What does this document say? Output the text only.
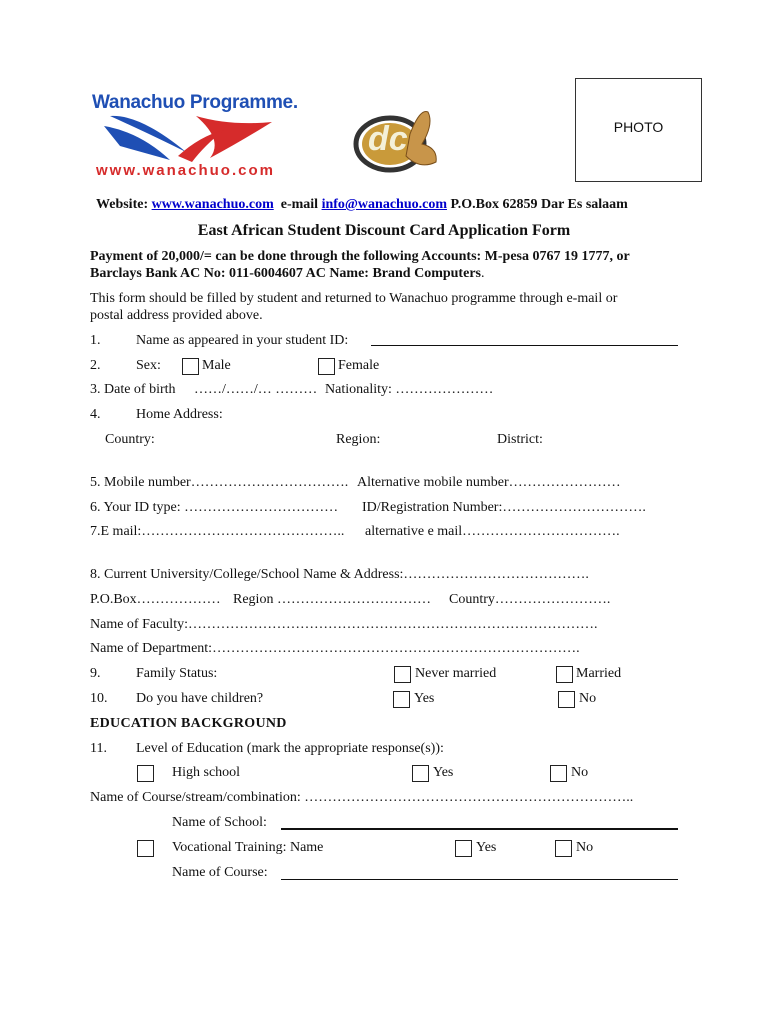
Wanachuo Programme.
www.wanachuo.com
dc	PHOTO
Website: www.wanachuo.com e-mail info@wanachuo.com P.O.Box 62859 Dar Es salaam
East African Student Discount Card Application Form
Payment of 20,000/= can be done through the following Accounts: M-pesa 0767 19 1777, or
Barclays Bank AC No: 011-6004607 AC Name: Brand Computers.
This form should be filled by student and returned to Wanachuo programme through e-mail or
postal address provided above.
1.	Name as appeared in your student ID:
2.	Sex:	Male	Female
3. Date of birth ……/……/… ……… Nationality: …………………
4.	Home Address:
Country:	Region:	District:
5. Mobile number……………………………. Alternative mobile number……………………
6. Your ID type: …………………………… ID/Registration Number:………………………….
7.E mail:…………………………………….. alternative e mail…………………………….
8. Current University/College/School Name & Address:………………………………….
P.O.Box……………… Region …………………………… Country…………………….
Name of Faculty:…………………………………………………………………………….
Name of Department:…………………………………………………………………….
9.	Family Status:	Never married	Married
10. Do you have children?	Yes	No
EDUCATION BACKGROUND
11. Level of Education (mark the appropriate response(s)):
High school	Yes	No
Name of Course/stream/combination: ……………………………………………………………..
Name of School:
Vocational Training: Name	Yes	No
Name of Course:
